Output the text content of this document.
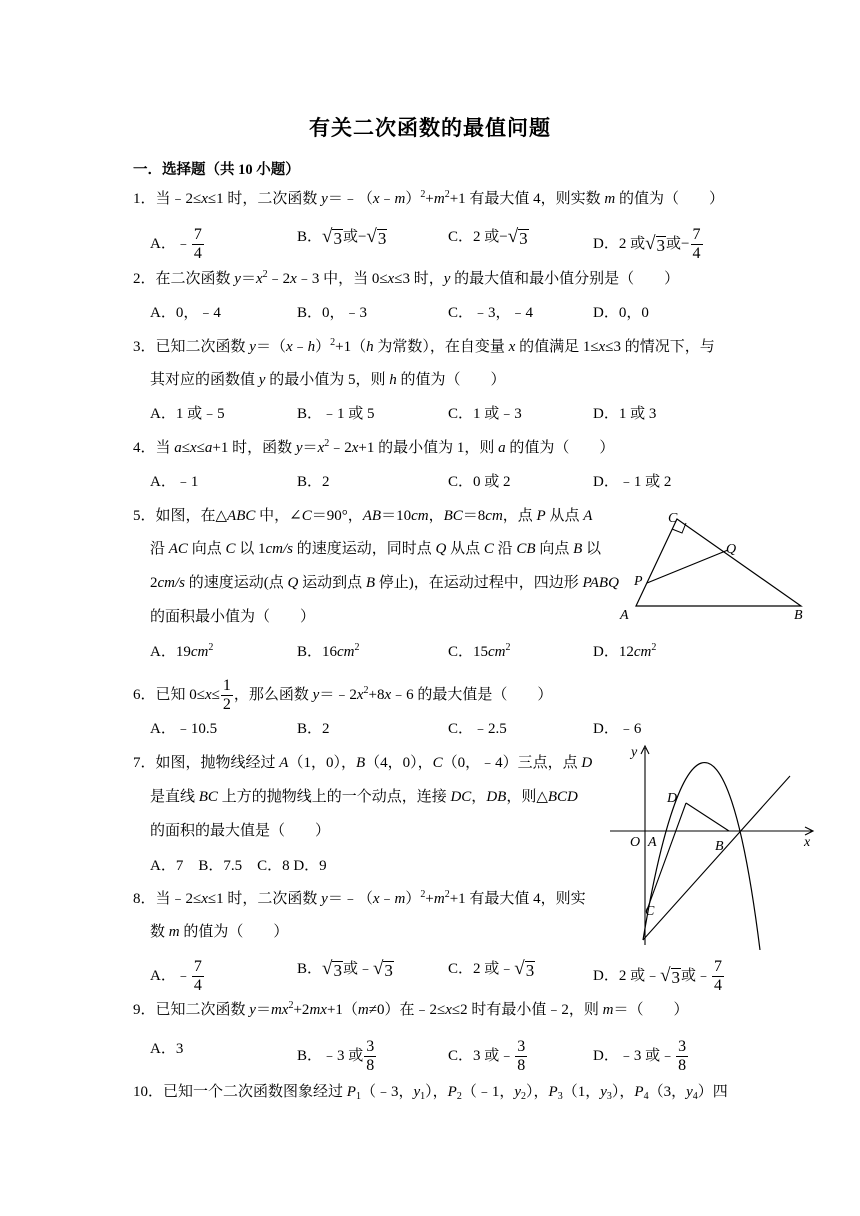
有关二次函数的最值问题
一．选择题（共 10 小题）
1．当﹣2≤x≤1 时，二次函数 $y=﹣(x﹣m)^2+m^2+1$ 有最大值 4，则实数 m 的值为（　　）
A．﹣ $\frac{7}{4}$	B． √ 3 或− √ 3	C．2 或− √ 3	D．2 或 √ 3 或− $\frac{7}{4}$
2．在二次函数 $y=x^2﹣2x﹣3$ 中，当 0≤x≤3 时，y 的最大值和最小值分别是（　　）
A．0，﹣4	B．0，﹣3	C．﹣3，﹣4	D．0，0
3．已知二次函数 y＝（x﹣h）$^2$+1（h 为常数），在自变量 x 的值满足 1≤x≤3 的情况下，与
其对应的函数值 y 的最小值为 5，则 h 的值为（　　）
A．1 或﹣5	B．﹣1 或 5	C．1 或﹣3	D．1 或 3
4．当 a≤x≤a+1 时，函数 $y=x^2﹣2x+1$ 的最小值为 1，则 a 的值为（　　）
A．﹣1	B．2	C．0 或 2	D．﹣1 或 2
5．如图，在△ABC 中，∠C＝90°，AB＝10cm，BC＝8cm，点 P 从点 A
沿 AC 向点 C 以 1cm/s 的速度运动，同时点 Q 从点 C 沿 CB 向点 B 以
2cm/s 的速度运动(点 Q 运动到点 B 停止)，在运动过程中，四边形 PABQ
的面积最小值为（　　）
A．$19cm^2$	B．$16cm^2$	C．$15cm^2$	D．$12cm^2$
C
Q
P
A	B
6．已知 $0\le x\le \frac{1}{2}$ ，那么函数 $y=﹣2x^2+8x﹣6$ 的最大值是（　　）
A．﹣10.5	B．2	C．﹣2.5	D．﹣6
7．如图，抛物线经过 A（1，0），B（4，0），C（0，﹣4）三点，点 D
是直线 BC 上方的抛物线上的一个动点，连接 DC，DB，则△BCD
的面积的最大值是（　　）
A．7　B．7.5　C．8 D．9
y
x
D
O A	B
C
8．当﹣2≤x≤1 时，二次函数 $y=﹣(x﹣m)^2+m^2+1$ 有最大值 4，则实
数 m 的值为（　　）
A．﹣ $\frac{7}{4}$	B． √ 3 或﹣ √ 3	C．2 或﹣ √ 3	D．2 或﹣ √ 3 或﹣ $\frac{7}{4}$
9．已知二次函数 $y=mx^2+2mx+1(m\ne 0)$在﹣2≤x≤2 时有最小值﹣2，则 m＝（　　）
A．3	B．﹣3 或 $\frac{3}{8}$	C．3 或﹣ $\frac{3}{8}$	D．﹣3 或﹣ $\frac{3}{8}$
10．已知一个二次函数图象经过 $P_1(﹣3$，$y_1$），$P_2(﹣1$，$y_2$），$P_3(1$，$y_3$），$P_4(3$，$y_4$）四
